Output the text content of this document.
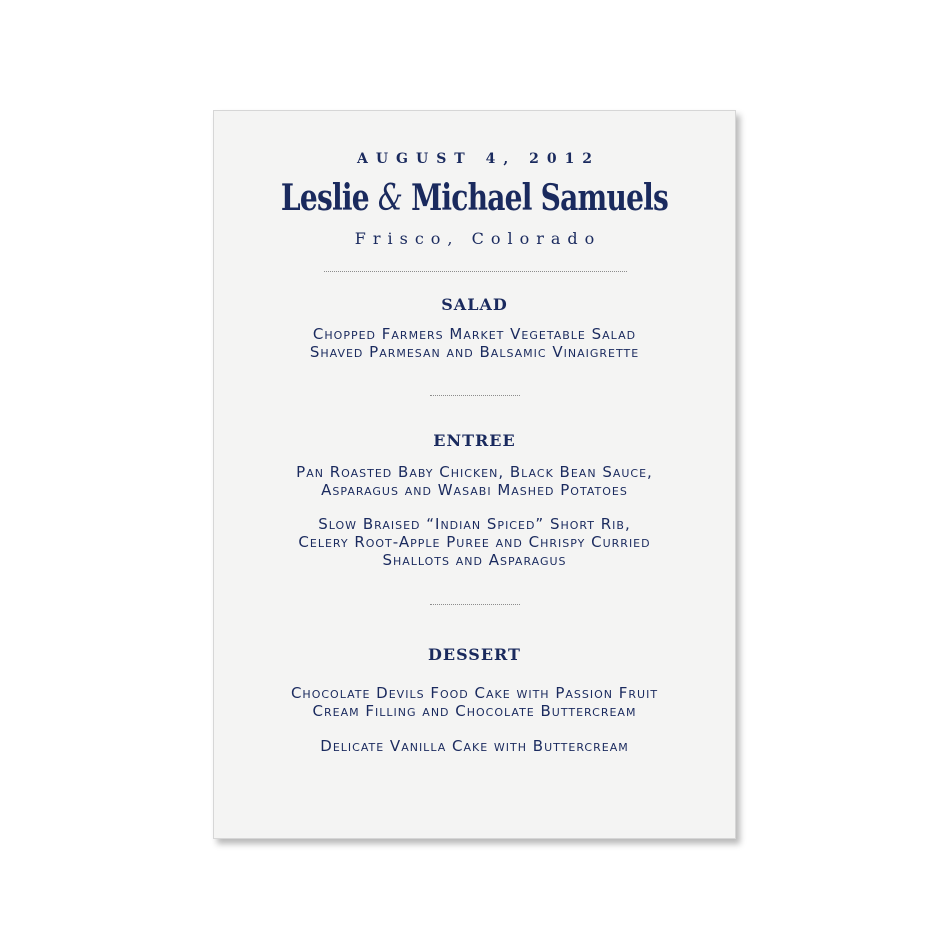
AUGUST 4, 2012
Leslie & Michael Samuels
Frisco, Colorado
SALAD
Chopped Farmers Market Vegetable Salad
Shaved Parmesan and Balsamic Vinaigrette
ENTREE
Pan Roasted Baby Chicken, Black Bean Sauce,
Asparagus and Wasabi Mashed Potatoes
Slow Braised “Indian Spiced” Short Rib,
Celery Root-Apple Puree and Chrispy Curried
Shallots and Asparagus
DESSERT
Chocolate Devils Food Cake with Passion Fruit
Cream Filling and Chocolate Buttercream
Delicate Vanilla Cake with Buttercream
